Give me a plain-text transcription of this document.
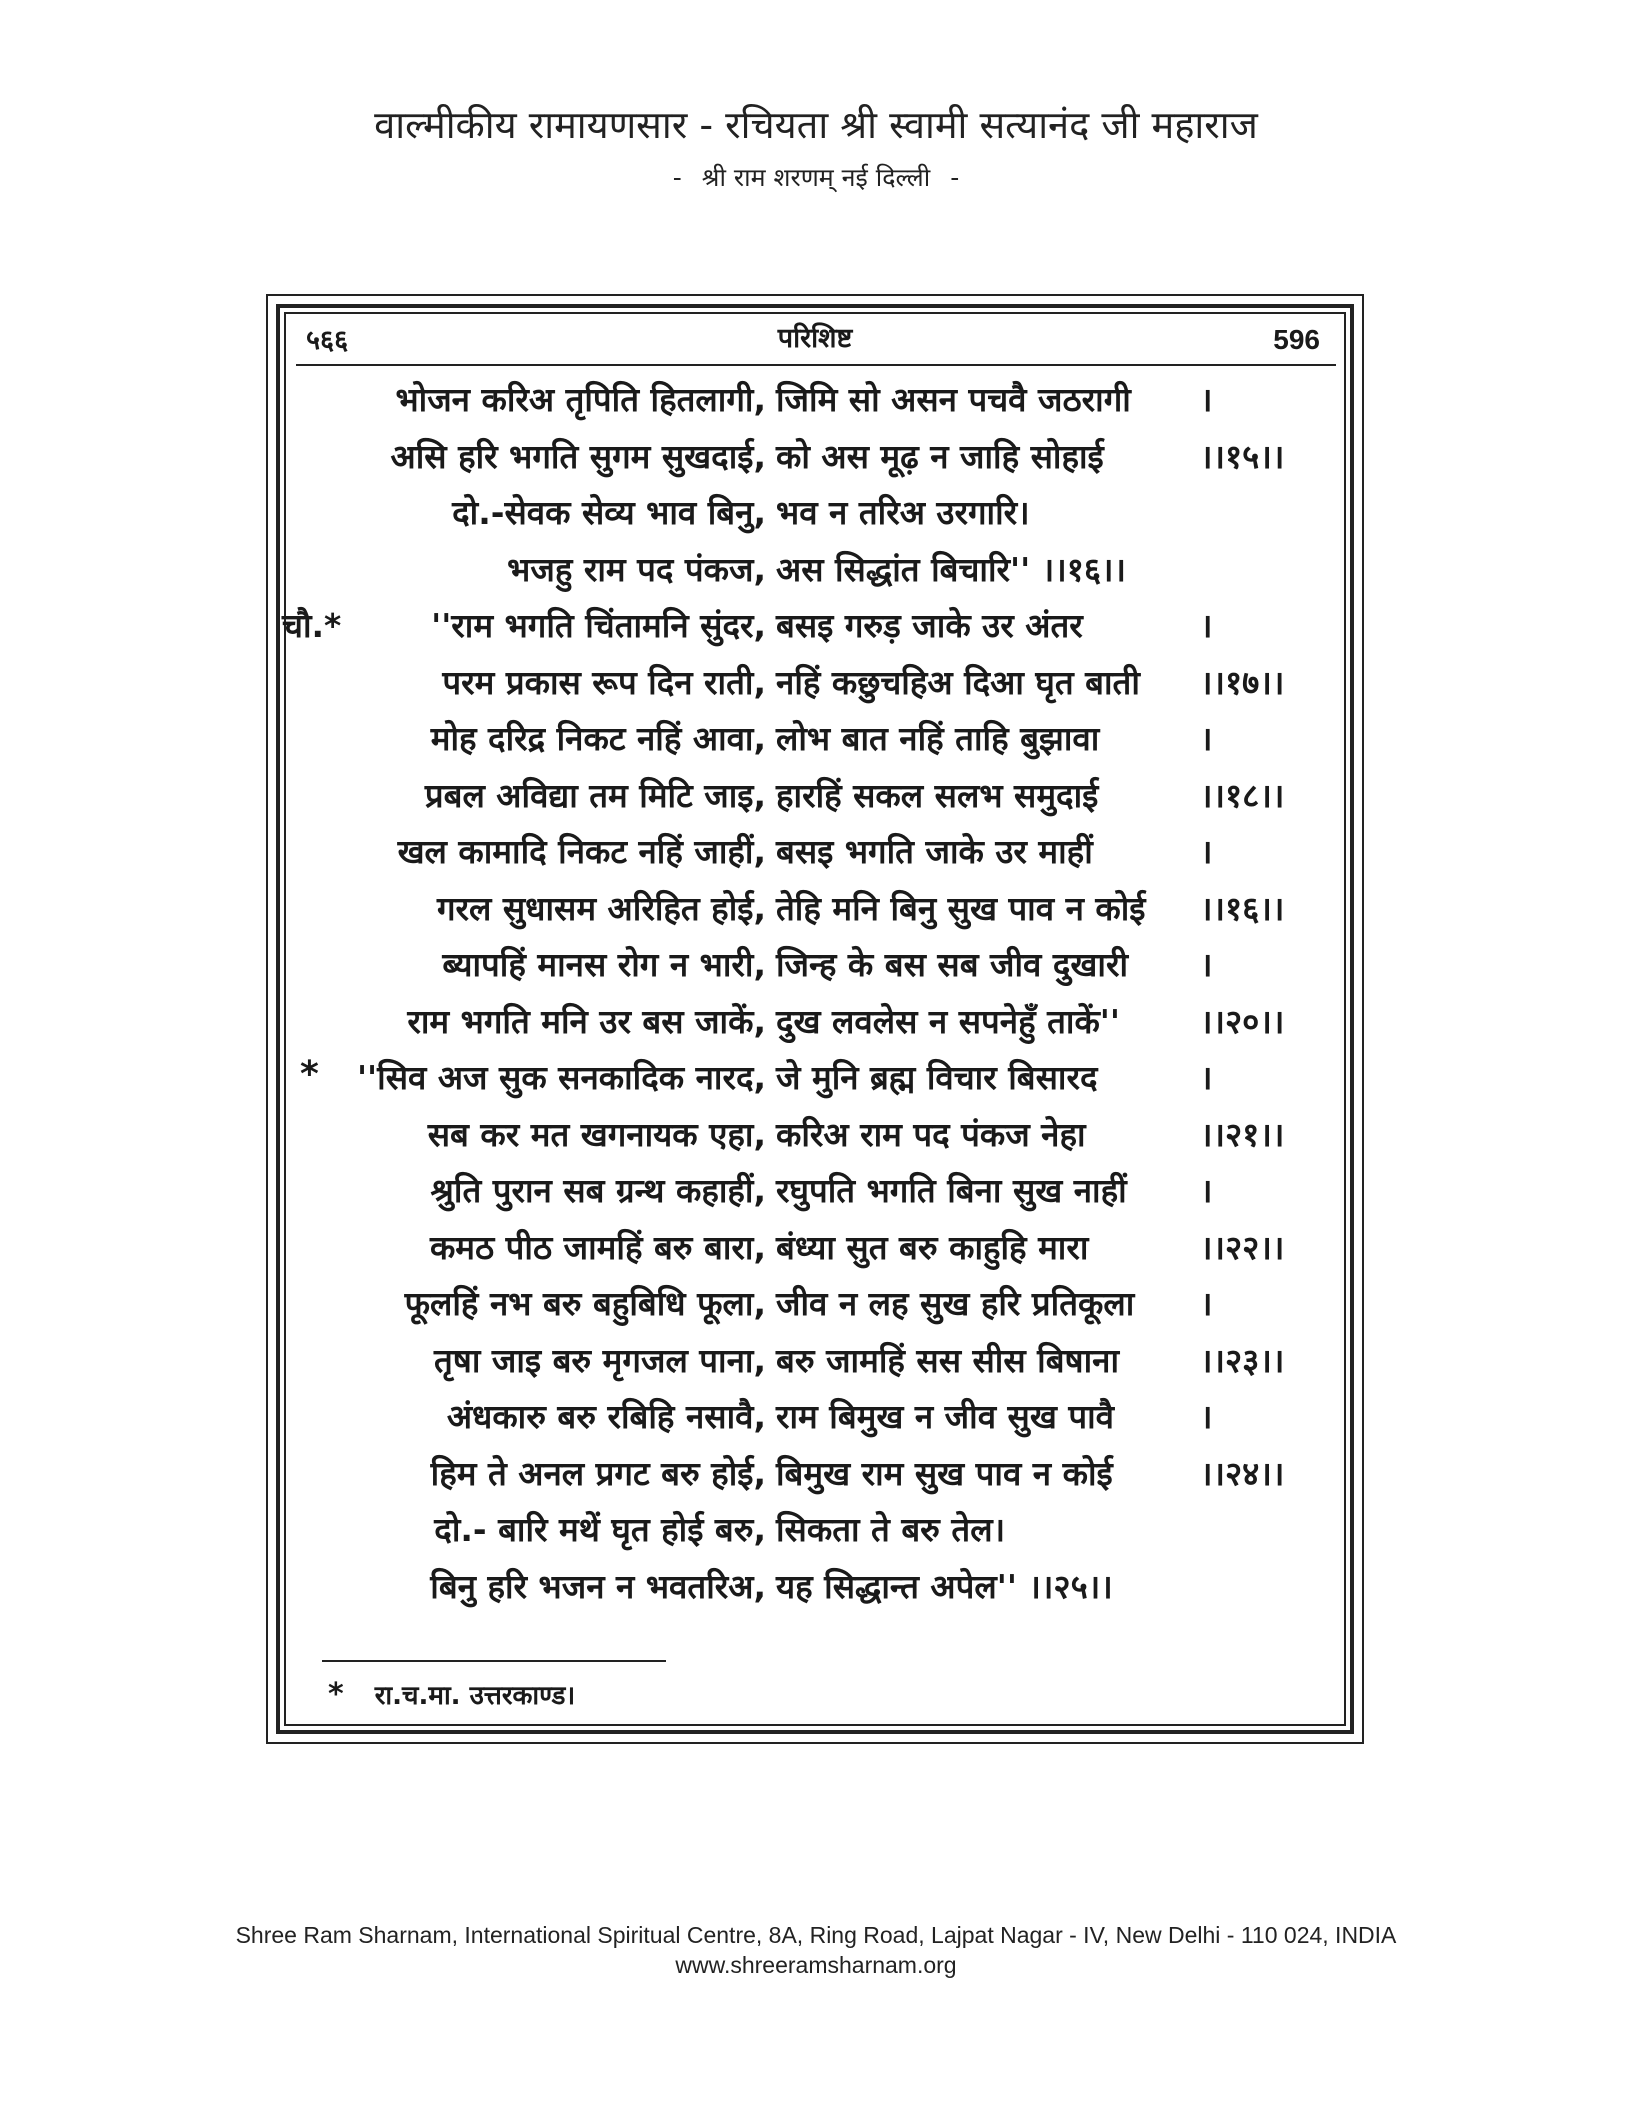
वाल्मीकीय रामायणसार - रचियता श्री स्वामी सत्यानंद जी महाराज
- श्री राम शरणम् नई दिल्ली -
५६६	परिशिष्ट	596
भोजन करिअ तृपिति हितलागी, जिमि सो असन पचवै जठरागी ।
असि हरि भगति सुगम सुखदाई, को अस मूढ़ न जाहि सोहाई	।।१५।।
दो.-सेवक सेव्य भाव बिनु, भव न तरिअ उरगारि।
भजहु राम पद पंकज, अस सिद्धांत बिचारि'' ।।१६।।
चौ.*	''राम भगति चिंतामनि सुंदर, बसइ गरुड़ जाके उर अंतर	।
परम प्रकास रूप दिन राती, नहिं कछुचहिअ दिआ घृत बाती ।।१७।।
मोह दरिद्र निकट नहिं आवा, लोभ बात नहिं ताहि बुझावा	।
प्रबल अविद्या तम मिटि जाइ, हारहिं सकल सलभ समुदाई	।।१८।।
खल कामादि निकट नहिं जाहीं, बसइ भगति जाके उर माहीं	।
गरल सुधासम अरिहित होई, तेहि मनि बिनु सुख पाव न कोई ।।१६।।
ब्यापहिं मानस रोग न भारी, जिन्ह के बस सब जीव दुखारी ।
राम भगति मनि उर बस जाकें, दुख लवलेस न सपनेहुँ ताकें'' ।।२०।।
*	''सिव अज सुक सनकादिक नारद, जे मुनि ब्रह्म विचार बिसारद	।
सब कर मत खगनायक एहा, करिअ राम पद पंकज नेहा	।।२१।।
श्रुति पुरान सब ग्रन्थ कहाहीं, रघुपति भगति बिना सुख नाहीं ।
कमठ पीठ जामहिं बरु बारा, बंध्या सुत बरु काहुहि मारा	।।२२।।
फूलहिं नभ बरु बहुबिधि फूला, जीव न लह सुख हरि प्रतिकूला ।
तृषा जाइ बरु मृगजल पाना, बरु जामहिं सस सीस बिषाना ।।२३।।
अंधकारु बरु रबिहि नसावै, राम बिमुख न जीव सुख पावै	।
हिम ते अनल प्रगट बरु होई, बिमुख राम सुख पाव न कोई	।।२४।।
दो.- बारि मथें घृत होई बरु, सिकता ते बरु तेल।
बिनु हरि भजन न भवतरिअ, यह सिद्धान्त अपेल'' ।।२५।।
* रा.च.मा. उत्तरकाण्ड।
Shree Ram Sharnam, International Spiritual Centre, 8A, Ring Road, Lajpat Nagar - IV, New Delhi - 110 024, INDIA
www.shreeramsharnam.org
